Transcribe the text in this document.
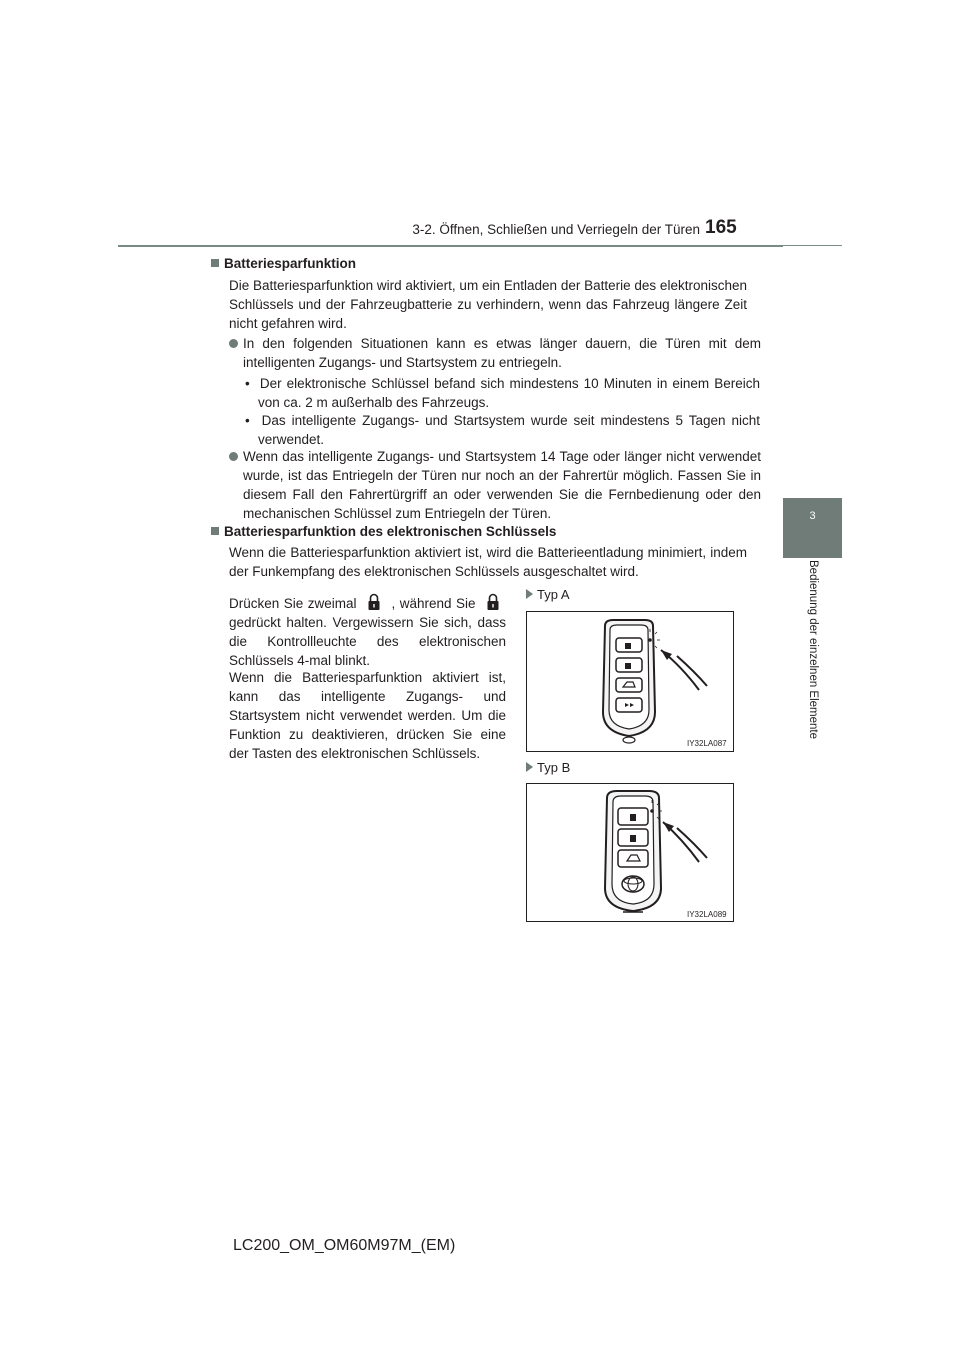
3-2. Öffnen, Schließen und Verriegeln der Türen 165
3
Bedienung der einzelnen Elemente
Batteriesparfunktion
Die Batteriesparfunktion wird aktiviert, um ein Entladen der Batterie des elektronischen Schlüssels und der Fahrzeugbatterie zu verhindern, wenn das Fahrzeug längere Zeit nicht gefahren wird.
In den folgenden Situationen kann es etwas länger dauern, die Türen mit dem intelligenten Zugangs- und Startsystem zu entriegeln.
•  Der elektronische Schlüssel befand sich mindestens 10 Minuten in einem Bereich von ca. 2 m außerhalb des Fahrzeugs.
•  Das intelligente Zugangs- und Startsystem wurde seit mindestens 5 Tagen nicht verwendet.
Wenn das intelligente Zugangs- und Startsystem 14 Tage oder länger nicht verwendet wurde, ist das Entriegeln der Türen nur noch an der Fahrertür möglich. Fassen Sie in diesem Fall den Fahrertürgriff an oder verwenden Sie die Fernbedienung oder den mechanischen Schlüssel zum Entriegeln der Türen.
Batteriesparfunktion des elektronischen Schlüssels
Wenn die Batteriesparfunktion aktiviert ist, wird die Batterieentladung minimiert, indem der Funkempfang des elektronischen Schlüssels ausgeschaltet wird.
Drücken Sie zweimal	, während Sie  gedrückt halten. Vergewissern Sie sich, dass die Kontrollleuchte des elektronischen Schlüssels 4-mal blinkt.
Wenn die Batteriesparfunktion aktiviert ist, kann das intelligente Zugangs- und Startsystem nicht verwendet werden. Um die Funktion zu deaktivieren, drücken Sie eine der Tasten des elektronischen Schlüssels.
Typ A
IY32LA087
Typ B
IY32LA089
LC200_OM_OM60M97M_(EM)
